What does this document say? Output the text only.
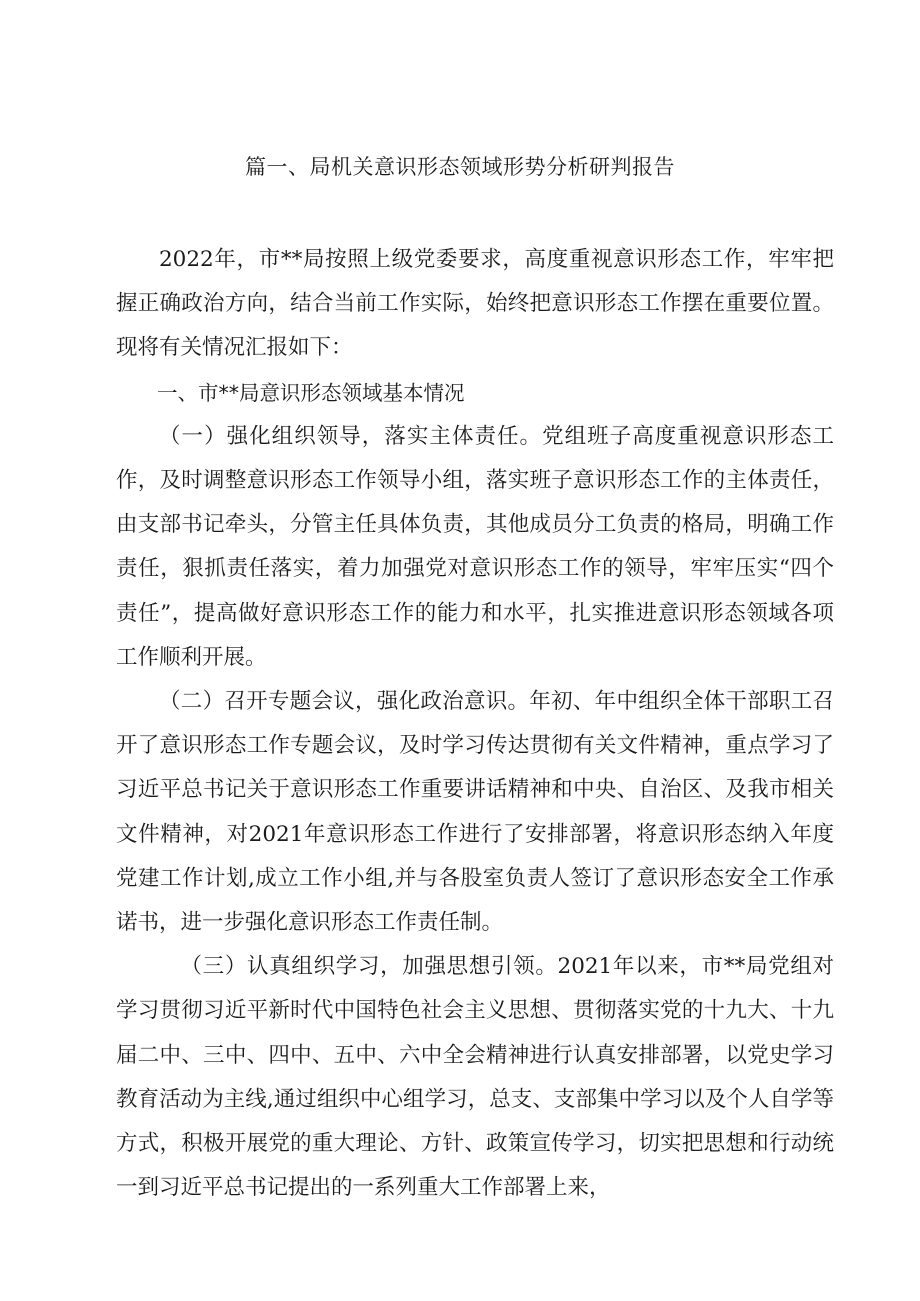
篇一、局机关意识形态领域形势分析研判报告

2022年，市**局按照上级党委要求，高度重视意识形态工作，牢牢把握正确政治方向，结合当前工作实际，始终把意识形态工作摆在重要位置。现将有关情况汇报如下：

一、市**局意识形态领域基本情况

（一）强化组织领导，落实主体责任。党组班子高度重视意识形态工作，及时调整意识形态工作领导小组，落实班子意识形态工作的主体责任，由支部书记牵头，分管主任具体负责，其他成员分工负责的格局，明确工作责任，狠抓责任落实，着力加强党对意识形态工作的领导，牢牢压实“四个责任”，提高做好意识形态工作的能力和水平，扎实推进意识形态领域各项工作顺利开展。

（二）召开专题会议，强化政治意识。年初、年中组织全体干部职工召开了意识形态工作专题会议，及时学习传达贯彻有关文件精神，重点学习了习近平总书记关于意识形态工作重要讲话精神和中央、自治区、及我市相关文件精神，对2021年意识形态工作进行了安排部署，将意识形态纳入年度党建工作计划,成立工作小组,并与各股室负责人签订了意识形态安全工作承诺书，进一步强化意识形态工作责任制。

（三）认真组织学习，加强思想引领。2021年以来，市**局党组对学习贯彻习近平新时代中国特色社会主义思想、贯彻落实党的十九大、十九届二中、三中、四中、五中、六中全会精神进行认真安排部署，以党史学习教育活动为主线,通过组织中心组学习，总支、支部集中学习以及个人自学等方式，积极开展党的重大理论、方针、政策宣传学习，切实把思想和行动统一到习近平总书记提出的一系列重大工作部署上来，
